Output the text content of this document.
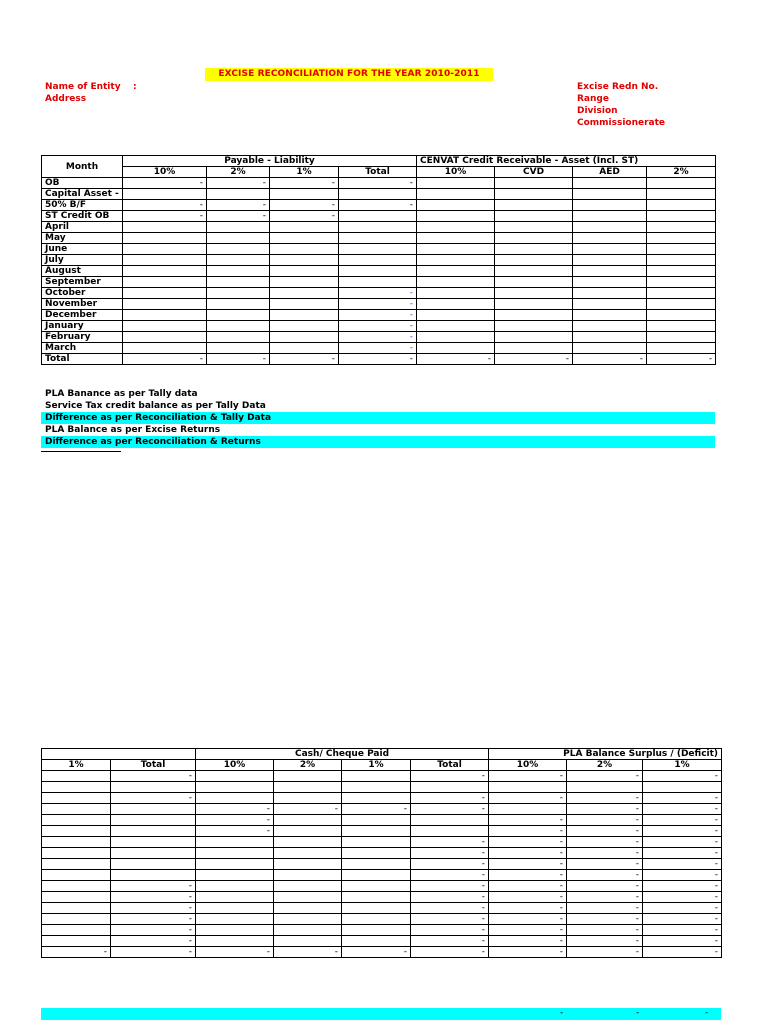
EXCISE RECONCILIATION FOR THE YEAR 2010-2011
Name of Entity :
Address
Excise Redn No.
Range
Division
Commissionerate
Month	Payable - Liability				CENVAT Credit Receivable - Asset (Incl. ST)			
	10%	2%	1%	Total	10%	CVD	AED	2%
OB	-	-	-	-				
Capital Asset -								
50% B/F	-	-	-	-				
ST Credit OB	-	-	-					
April								
May								
June								
July								
August								
September								
October				-				
November				-				
December				-				
January				-				
February				-				
March				-				
Total	-	-	-	-	-	-	-	-
PLA Banance as per Tally data
Service Tax credit balance as per Tally Data
Difference as per Reconciliation & Tally Data
PLA Balance as per Excise Returns
Difference as per Reconciliation & Returns
		Cash/ Cheque Paid				PLA Balance Surplus / (Deficit)		
1%	Total	10%	2%	1%	Total	10%	2%	1%
	-				-	-	-	-

	-				-	-	-	-
		-	-	-	-		-	-
		-				-	-	-
		-				-	-	-
					-	-	-	-
					-	-	-	-
					-	-	-	-
					-	-	-	-
	-				-	-	-	-
	-				-	-	-	-
	-				-	-	-	-
	-				-	-	-	-
	-				-	-	-	-
	-				-	-	-	-
-	-	-	-	-	-	-	-	-
-	-	-
